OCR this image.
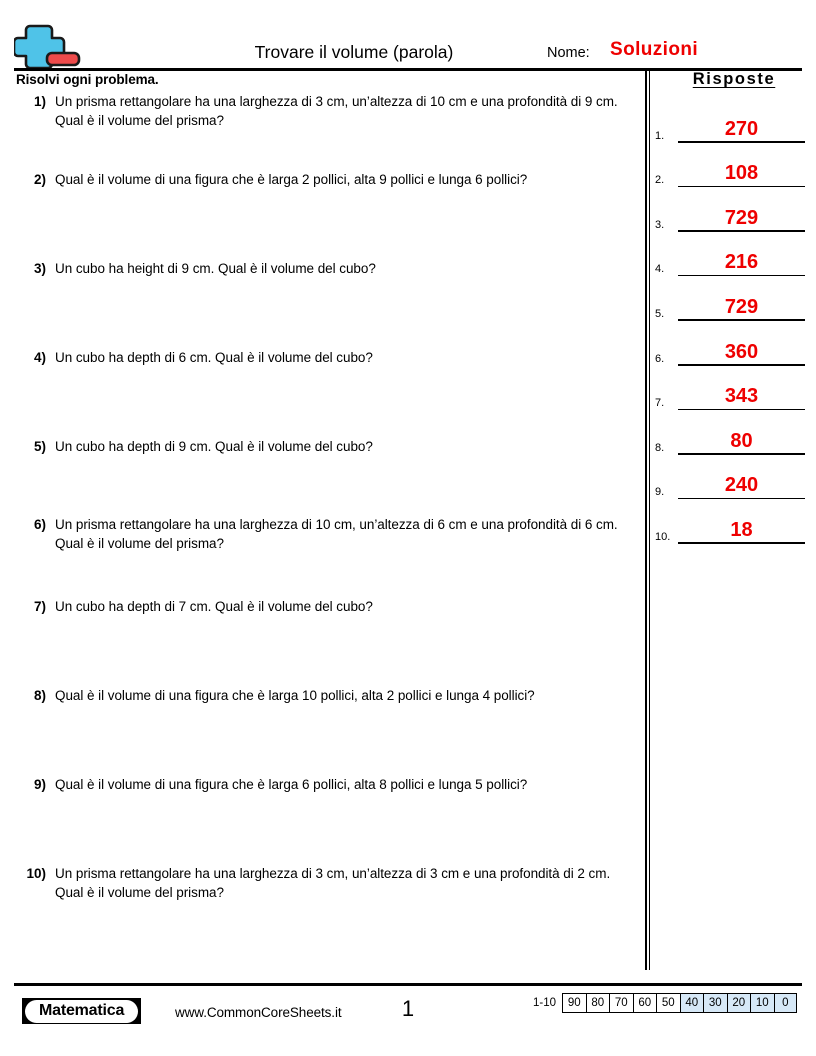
Trovare il volume (parola)	Nome: Soluzioni
Risolvi ogni problema.
1) Un prisma rettangolare ha una larghezza di 3 cm, un’altezza di 10 cm e una profondità di 9 cm. Qual è il volume del prisma?
2) Qual è il volume di una figura che è larga 2 pollici, alta 9 pollici e lunga 6 pollici?
3) Un cubo ha height di 9 cm. Qual è il volume del cubo?
4) Un cubo ha depth di 6 cm. Qual è il volume del cubo?
5) Un cubo ha depth di 9 cm. Qual è il volume del cubo?
6) Un prisma rettangolare ha una larghezza di 10 cm, un’altezza di 6 cm e una profondità di 6 cm. Qual è il volume del prisma?
7) Un cubo ha depth di 7 cm. Qual è il volume del cubo?
8) Qual è il volume di una figura che è larga 10 pollici, alta 2 pollici e lunga 4 pollici?
9) Qual è il volume di una figura che è larga 6 pollici, alta 8 pollici e lunga 5 pollici?
10) Un prisma rettangolare ha una larghezza di 3 cm, un’altezza di 3 cm e una profondità di 2 cm. Qual è il volume del prisma?
Risposte
1.	270
2.	108
3.	729
4.	216
5.	729
6.	360
7.	343
8.	80
9.	240
10.	18
1
Matematica	www.CommonCoreSheets.it
1-10	90 80 70 60 50 40 30 20 10	0
